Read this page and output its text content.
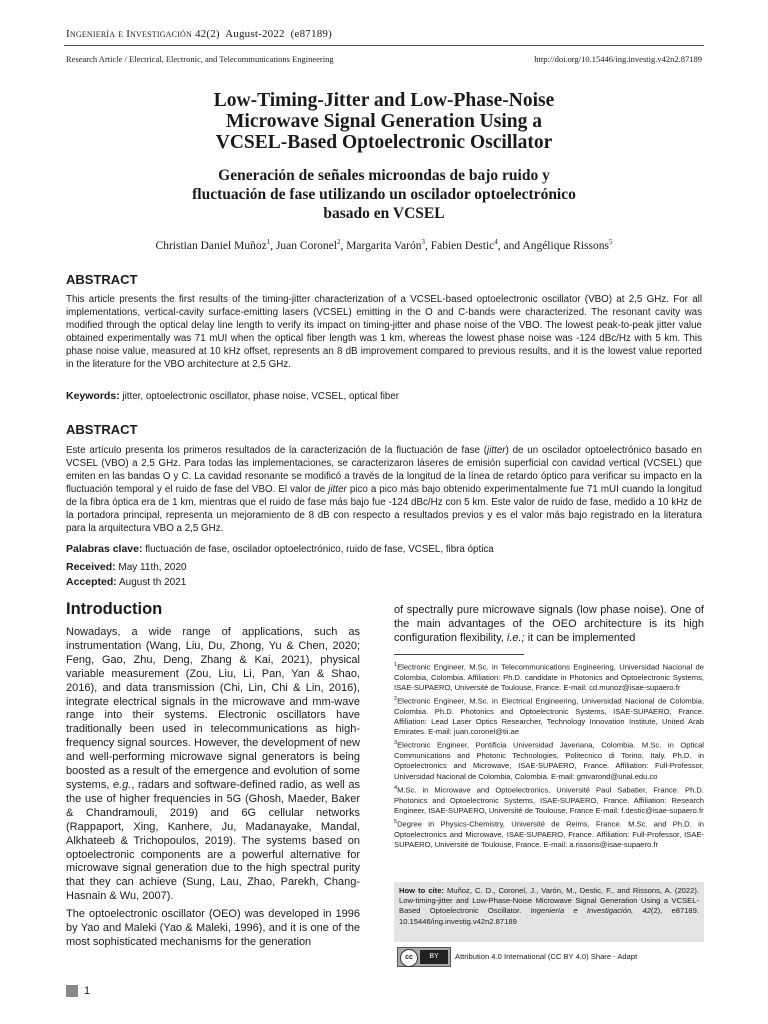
Ingeniería e Investigación 42(2) August-2022 (e87189)
Research Article / Electrical, Electronic, and Telecommunications Engineering	http://doi.org/10.15446/ing.investig.v42n2.87189
Low-Timing-Jitter and Low-Phase-Noise
Microwave Signal Generation Using a
VCSEL-Based Optoelectronic Oscillator
Generación de señales microondas de bajo ruido y
fluctuación de fase utilizando un oscilador optoelectrónico
basado en VCSEL
Christian Daniel Muñoz$^1$, Juan Coronel$^2$, Margarita Varón$^3$, Fabien Destic$^4$, and Angélique Rissons$^5$
ABSTRACT
This article presents the first results of the timing-jitter characterization of a VCSEL-based optoelectronic oscillator (VBO) at 2,5 GHz. For all implementations, vertical-cavity surface-emitting lasers (VCSEL) emitting in the O and C-bands were characterized. The resonant cavity was modified through the optical delay line length to verify its impact on timing-jitter and phase noise of the VBO. The lowest peak-to-peak jitter value obtained experimentally was 71 mUI when the optical fiber length was 1 km, whereas the lowest phase noise was -124 dBc/Hz with 5 km. This phase noise value, measured at 10 kHz offset, represents an 8 dB improvement compared to previous results, and it is the lowest value reported in the literature for the VBO architecture at 2,5 GHz.
Keywords: jitter, optoelectronic oscillator, phase noise, VCSEL, optical fiber
ABSTRACT
Este artículo presenta los primeros resultados de la caracterización de la fluctuación de fase (jitter) de un oscilador optoelectrónico basado en VCSEL (VBO) a 2,5 GHz. Para todas las implementaciones, se caracterizaron láseres de emisión superficial con cavidad vertical (VCSEL) que emiten en las bandas O y C. La cavidad resonante se modificó a través de la longitud de la línea de retardo óptico para verificar su impacto en la fluctuación temporal y el ruido de fase del VBO. El valor de jitter pico a pico más bajo obtenido experimentalmente fue 71 mUI cuando la longitud de la fibra óptica era de 1 km, mientras que el ruido de fase más bajo fue -124 dBc/Hz con 5 km. Este valor de ruido de fase, medido a 10 kHz de la portadora principal, representa un mejoramiento de 8 dB con respecto a resultados previos y es el valor más bajo registrado en la literatura para la arquitectura VBO a 2,5 GHz.
Palabras clave: fluctuación de fase, oscilador optoelectrónico, ruido de fase, VCSEL, fibra óptica
Received: May 11th, 2020
Accepted: August th 2021
Introduction
Nowadays, a wide range of applications, such as instrumentation (Wang, Liu, Du, Zhong, Yu & Chen, 2020; Feng, Gao, Zhu, Deng, Zhang & Kai, 2021), physical variable measurement (Zou, Liu, Li, Pan, Yan & Shao, 2016), and data transmission (Chi, Lin, Chi & Lin, 2016), integrate electrical signals in the microwave and mm-wave range into their systems. Electronic oscillators have traditionally been used in telecommunications as high-frequency signal sources. However, the development of new and well-performing microwave signal generators is being boosted as a result of the emergence and evolution of some systems, e.g., radars and software-defined radio, as well as the use of higher frequencies in 5G (Ghosh, Maeder, Baker & Chandramouli, 2019) and 6G cellular networks (Rappaport, Xing, Kanhere, Ju, Madanayake, Mandal, Alkhateeb & Trichopoulos, 2019). The systems based on optoelectronic components are a powerful alternative for microwave signal generation due to the high spectral purity that they can achieve (Sung, Lau, Zhao, Parekh, Chang-Hasnain & Wu, 2007).
The optoelectronic oscillator (OEO) was developed in 1996 by Yao and Maleki (Yao & Maleki, 1996), and it is one of the most sophisticated mechanisms for the generation
of spectrally pure microwave signals (low phase noise). One of the main advantages of the OEO architecture is its high configuration flexibility, i.e.; it can be implemented

$^1$Electronic Engineer, M.Sc. in Telecommunications Engineering, Universidad Nacional de Colombia, Colombia. Affiliation: Ph.D. candidate in Photonics and Optoelectronic Systems, ISAE-SUPAERO, Université de Toulouse, France. E-mail: cd.munoz@isae-supaero.fr

$^2$Electronic Engineer, M.Sc. in Electrical Engineering, Universidad Nacional de Colombia, Colombia. Ph.D. Photonics and Optoelectronic Systems, ISAE-SUPAERO, France. Affiliation: Lead Laser Optics Researcher, Technology Innovation Institute, United Arab Emirates. E-mail: juan.coronel@tii.ae

$^3$Electronic Engineer, Pontificia Universidad Javeriana, Colombia. M.Sc. in Optical Communications and Photonic Technologies, Politecnico di Torino, Italy. Ph.D. in Optoelectronics and Microwave, ISAE-SUPAERO, France. Affiliation: Full-Professor, Universidad Nacional de Colombia, Colombia. E-mail: gmvarond@unal.edu.co

$^4$M.Sc. in Microwave and Optoelectronics, Université Paul Sabatier, France. Ph.D. Photonics and Optoelectronic Systems, ISAE-SUPAERO, France. Affiliation: Research Engineer, ISAE-SUPAERO, Université de Toulouse, France E-mail: f.destic@isae-supaero.fr

$^5$Degree in Physics-Chemistry, Université de Reims, France. M.Sc. and Ph.D. in Optoelectronics and Microwave, ISAE-SUPAERO, France. Affiliation: Full-Professor, ISAE-SUPAERO, Université de Toulouse, France. E-mail: a.rissons@isae-supaero.fr

How to cite: Muñoz, C. D., Coronel, J., Varón, M., Destic, F., and Rissons, A. (2022). Low-timing-jitter and Low-Phase-Noise Microwave Signal Generation Using a VCSEL-Based Optoelectronic Oscillator. Ingeniería e Investigación, 42(2), e87189. 10.15446/ing.investig.v42n2.87189
cc	BY	Attribution 4.0 International (CC BY 4.0) Share - Adapt
1
